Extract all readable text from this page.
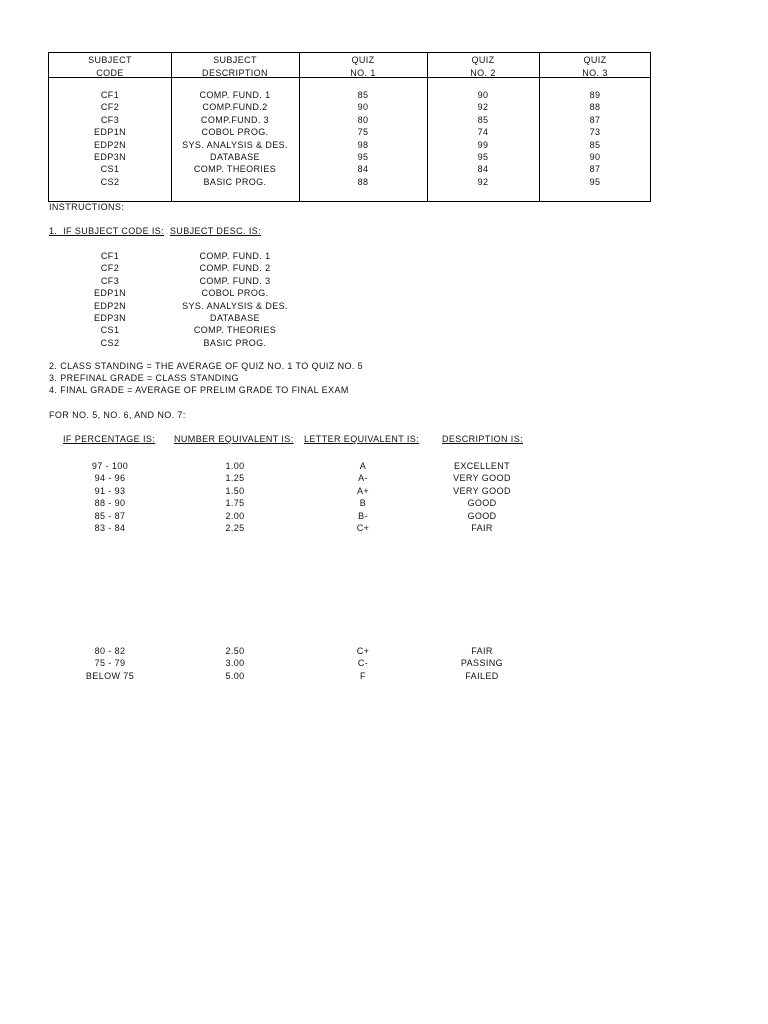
SUBJECT
CODE
SUBJECT
DESCRIPTION
QUIZ
NO. 1
QUIZ
NO. 2
QUIZ
NO. 3
CF1
CF2
CF3
EDP1N
EDP2N
EDP3N
CS1
CS2
COMP. FUND. 1
COMP.FUND.2
COMP.FUND. 3
COBOL PROG.
SYS. ANALYSIS & DES.
DATABASE
COMP. THEORIES
BASIC PROG.
85
90
80
75
98
95
84
88
90
92
85
74
99
95
84
92
89
88
87
73
85
90
87
95
INSTRUCTIONS:
1. IF SUBJECT CODE IS: SUBJECT DESC. IS:
CF1
CF2
CF3
EDP1N
EDP2N
EDP3N
CS1
CS2
COMP. FUND. 1
COMP. FUND. 2
COMP. FUND. 3
COBOL PROG.
SYS. ANALYSIS & DES.
DATABASE
COMP. THEORIES
BASIC PROG.
2. CLASS STANDING = THE AVERAGE OF QUIZ NO. 1 TO QUIZ NO. 5
3. PREFINAL GRADE = CLASS STANDING
4. FINAL GRADE = AVERAGE OF PRELIM GRADE TO FINAL EXAM
FOR NO. 5, NO. 6, AND NO. 7:
IF PERCENTAGE IS: NUMBER EQUIVALENT IS: LETTER EQUIVALENT IS:	DESCRIPTION IS:
97 - 100
94 - 96
91 - 93
88 - 90
85 - 87
83 - 84
1.00
1.25
1.50
1.75
2.00
2.25
A
A-
A+
B
B-
C+
EXCELLENT
VERY GOOD
VERY GOOD
GOOD
GOOD
FAIR
80 - 82
75 - 79
BELOW 75
2.50
3.00
5.00
C+
C-
F
FAIR
PASSING
FAILED
